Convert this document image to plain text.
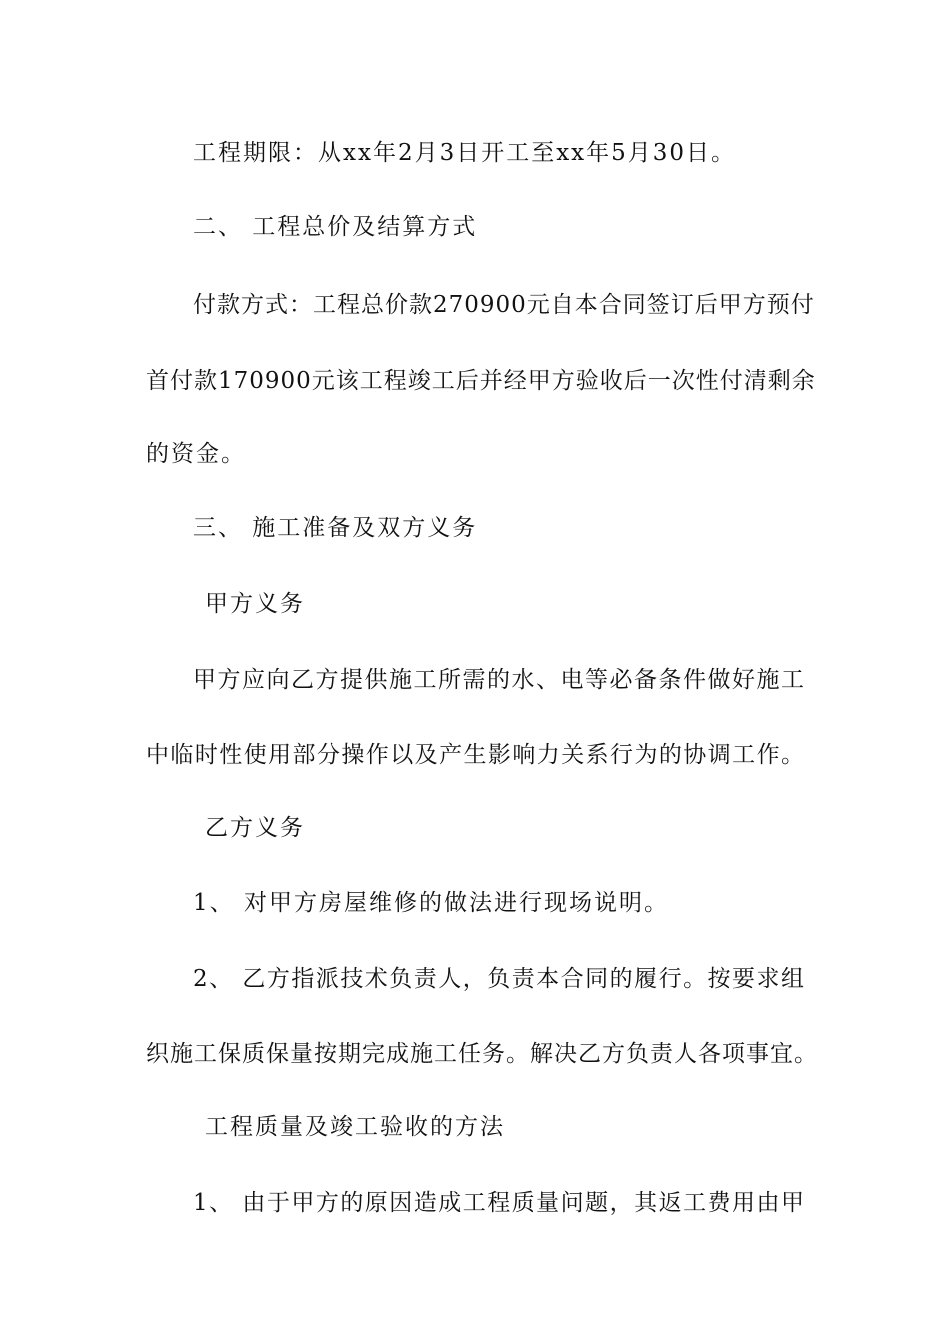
工程期限：从xx年2月3日开工至xx年5月30日。
二、 工程总价及结算方式
付款方式：工程总价款270900元自本合同签订后甲方预付
首付款170900元该工程竣工后并经甲方验收后一次性付清剩余
的资金。
三、 施工准备及双方义务
甲方义务
甲方应向乙方提供施工所需的水、电等必备条件做好施工
中临时性使用部分操作以及产生影响力关系行为的协调工作。
乙方义务
1、 对甲方房屋维修的做法进行现场说明。
2、 乙方指派技术负责人，负责本合同的履行。按要求组
织施工保质保量按期完成施工任务。解决乙方负责人各项事宜。
工程质量及竣工验收的方法
1、 由于甲方的原因造成工程质量问题，其返工费用由甲
